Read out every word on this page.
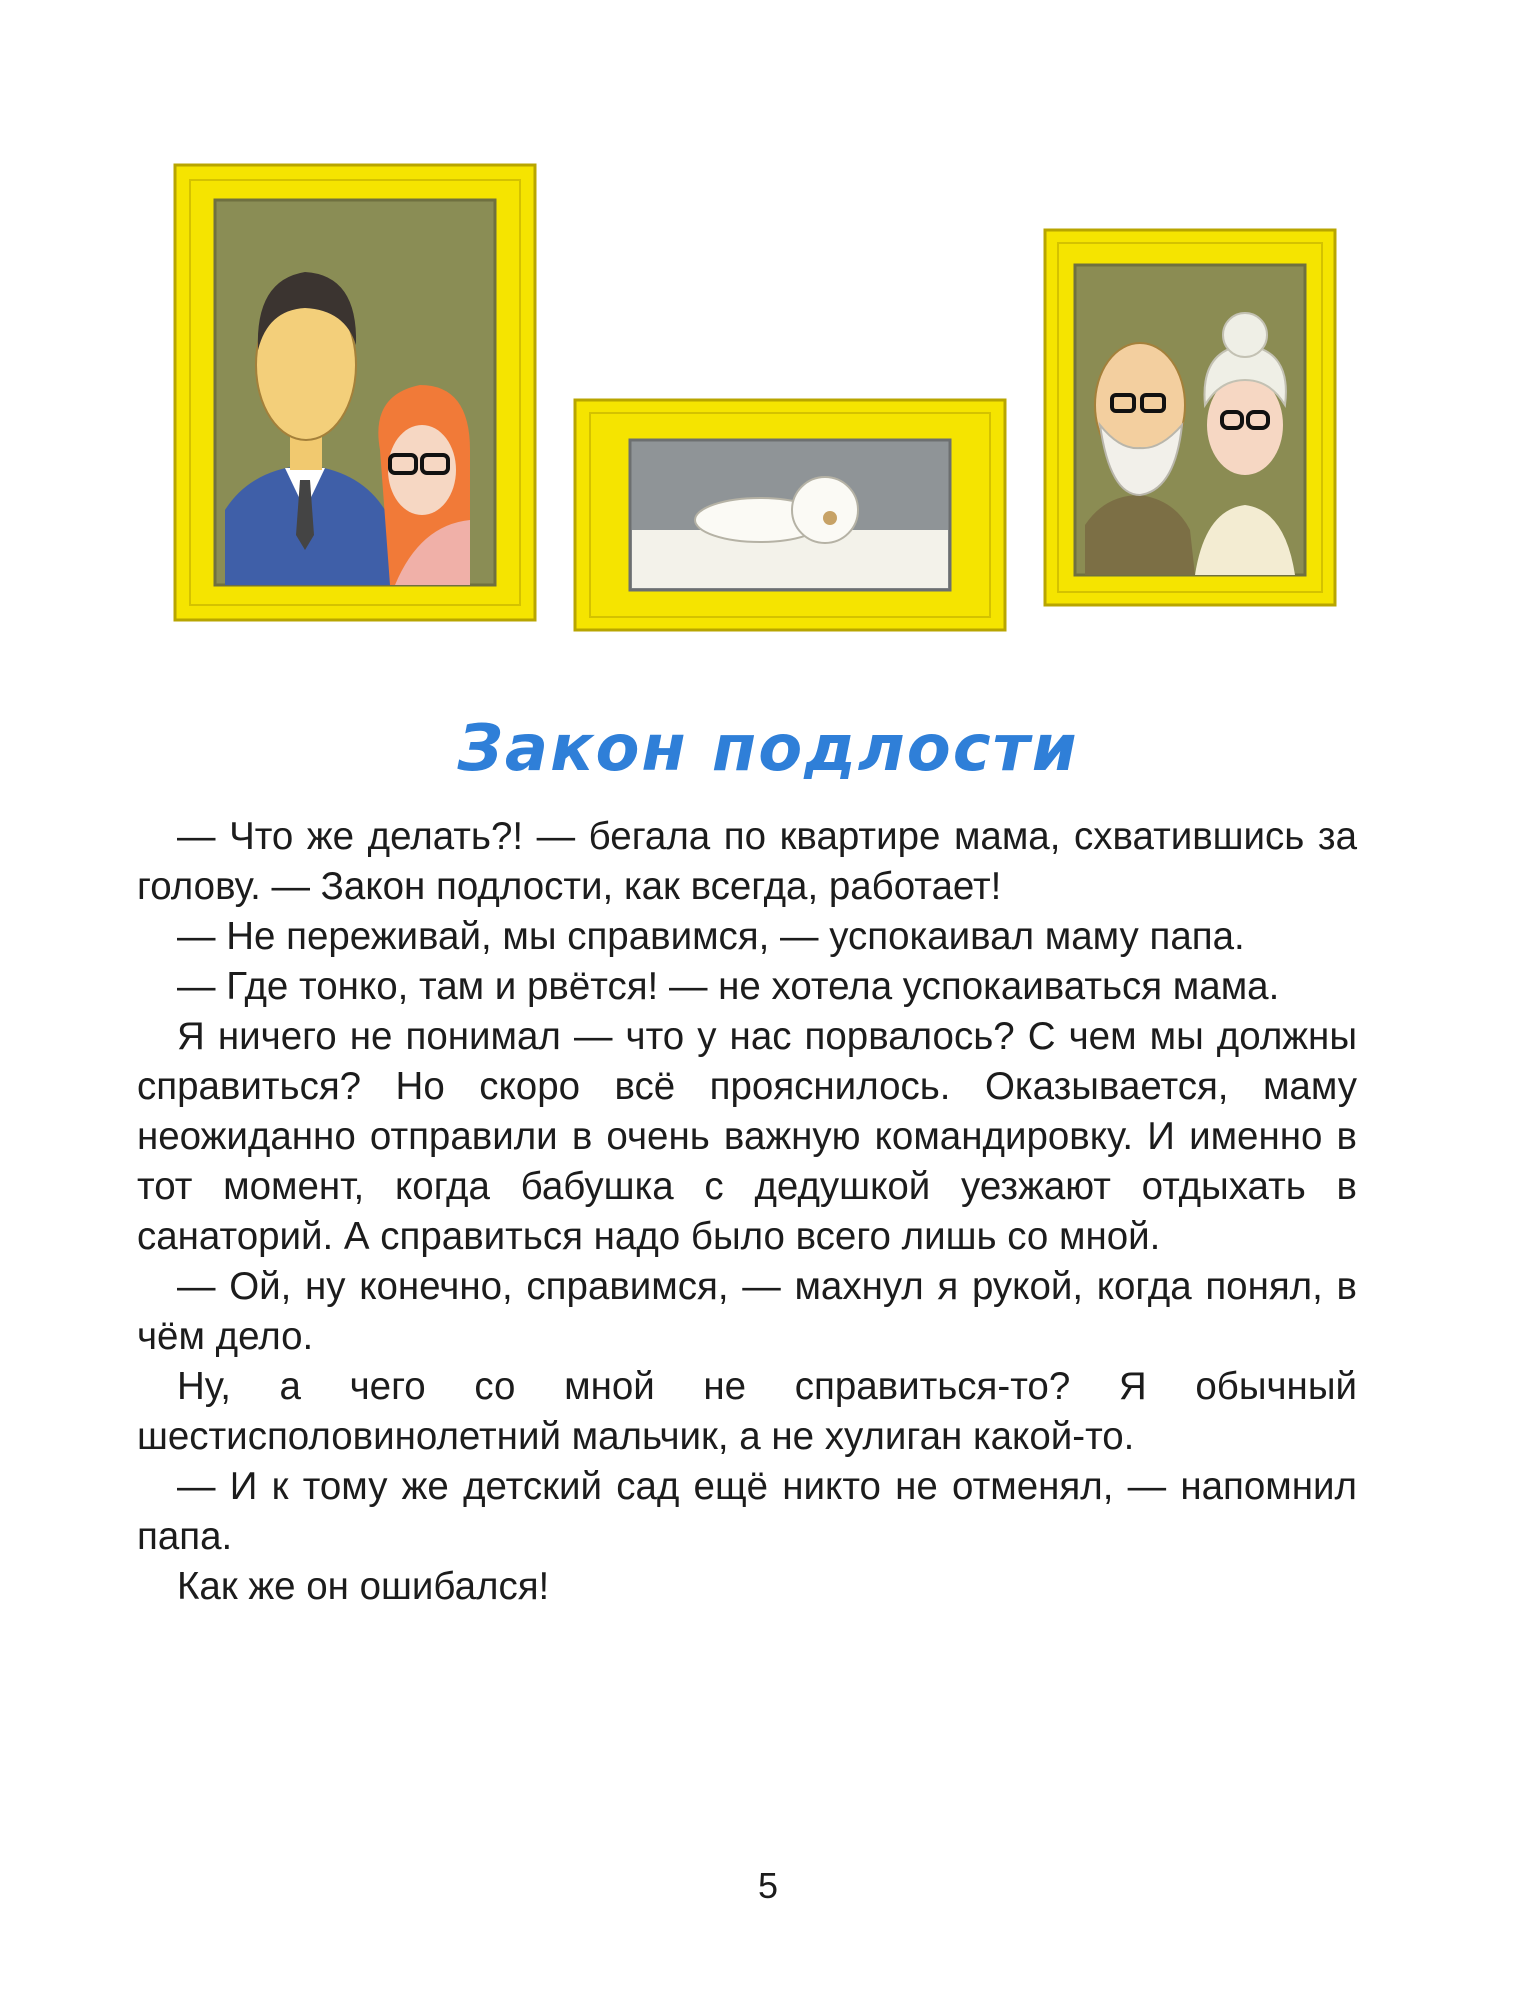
Закон подлости

— Что же делать?! — бегала по квартире мама, схватившись за голову. — Закон подлости, как всегда, работает!

— Не переживай, мы справимся, — успокаивал маму папа.

— Где тонко, там и рвётся! — не хотела успокаиваться мама.

Я ничего не понимал — что у нас порвалось? С чем мы должны справиться? Но скоро всё прояснилось. Оказывается, маму неожиданно отправили в очень важную командировку. И именно в тот момент, когда бабушка с дедушкой уезжают отдыхать в санаторий. А справиться надо было всего лишь со мной.

— Ой, ну конечно, справимся, — махнул я рукой, когда понял, в чём дело.

Ну, а чего со мной не справиться-то? Я обычный шестисполовинолетний мальчик, а не хулиган какой-то.

— И к тому же детский сад ещё никто не отменял, — напомнил папа.

Как же он ошибался!

5
